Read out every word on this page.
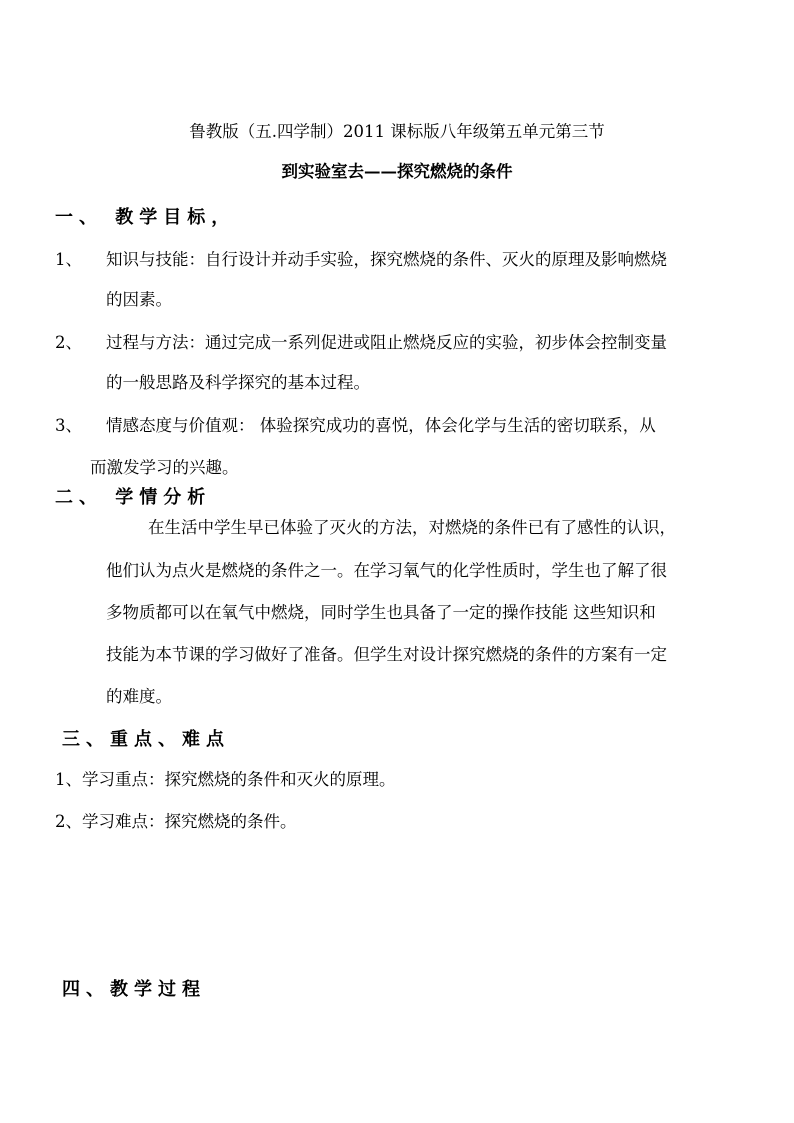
鲁教版（五.四学制）2011 课标版八年级第五单元第三节
到实验室去——探究燃烧的条件
一、 教学目标，
1、 知识与技能：自行设计并动手实验，探究燃烧的条件、灭火的原理及影响燃烧
的因素。
2、 过程与方法：通过完成一系列促进或阻止燃烧反应的实验，初步体会控制变量
的一般思路及科学探究的基本过程。
3、 情感态度与价值观： 体验探究成功的喜悦，体会化学与生活的密切联系，从
而激发学习的兴趣。
二、 学情分析
在生活中学生早已体验了灭火的方法，对燃烧的条件已有了感性的认识，
他们认为点火是燃烧的条件之一。在学习氧气的化学性质时，学生也了解了很
多物质都可以在氧气中燃烧，同时学生也具备了一定的操作技能 这些知识和
技能为本节课的学习做好了准备。但学生对设计探究燃烧的条件的方案有一定
的难度。
三、重点、难点
1、学习重点：探究燃烧的条件和灭火的原理。
2、学习难点：探究燃烧的条件。
四、教学过程
